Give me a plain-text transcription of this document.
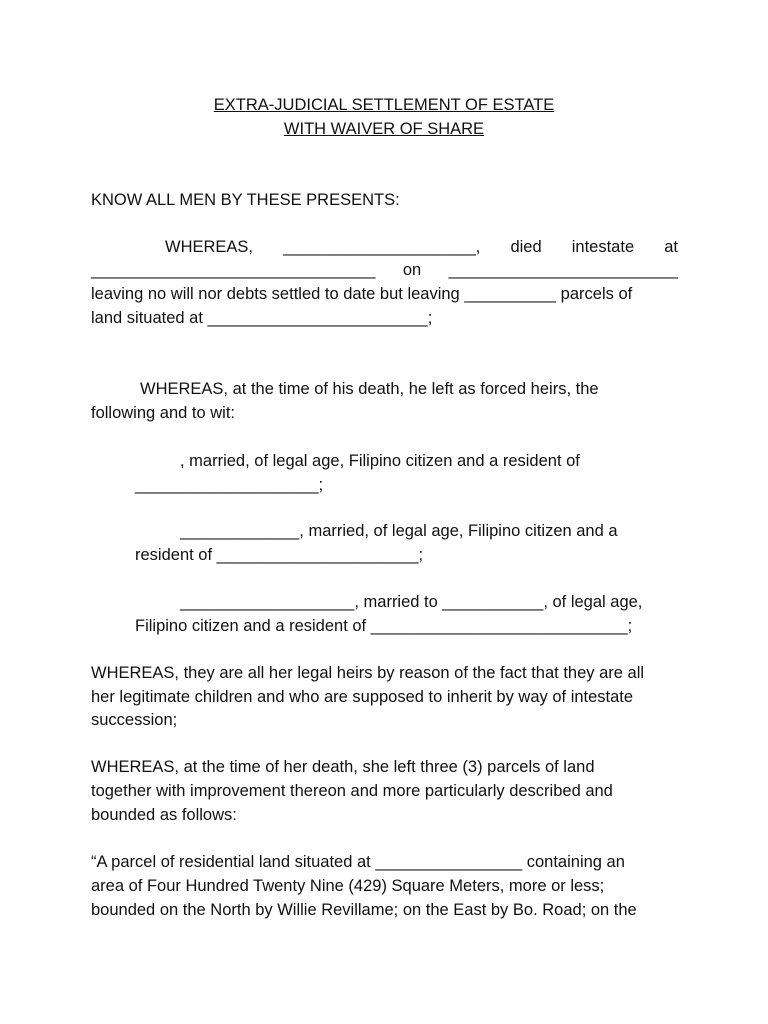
EXTRA-JUDICIAL SETTLEMENT OF ESTATE
WITH WAIVER OF SHARE
KNOW ALL MEN BY THESE PRESENTS:
WHEREAS, _____________________, died intestate at
_______________________________ on _________________________
leaving no will nor debts settled to date but leaving __________ parcels of
land situated at ________________________;
WHEREAS, at the time of his death, he left as forced heirs, the
following and to wit:
, married, of legal age, Filipino citizen and a resident of
____________________;
_____________, married, of legal age, Filipino citizen and a
resident of ______________________;
___________________, married to ___________, of legal age,
Filipino citizen and a resident of ____________________________;
WHEREAS, they are all her legal heirs by reason of the fact that they are all
her legitimate children and who are supposed to inherit by way of intestate
succession;
WHEREAS, at the time of her death, she left three (3) parcels of land
together with improvement thereon and more particularly described and
bounded as follows:
“A parcel of residential land situated at ________________ containing an
area of Four Hundred Twenty Nine (429) Square Meters, more or less;
bounded on the North by Willie Revillame; on the East by Bo. Road; on the
